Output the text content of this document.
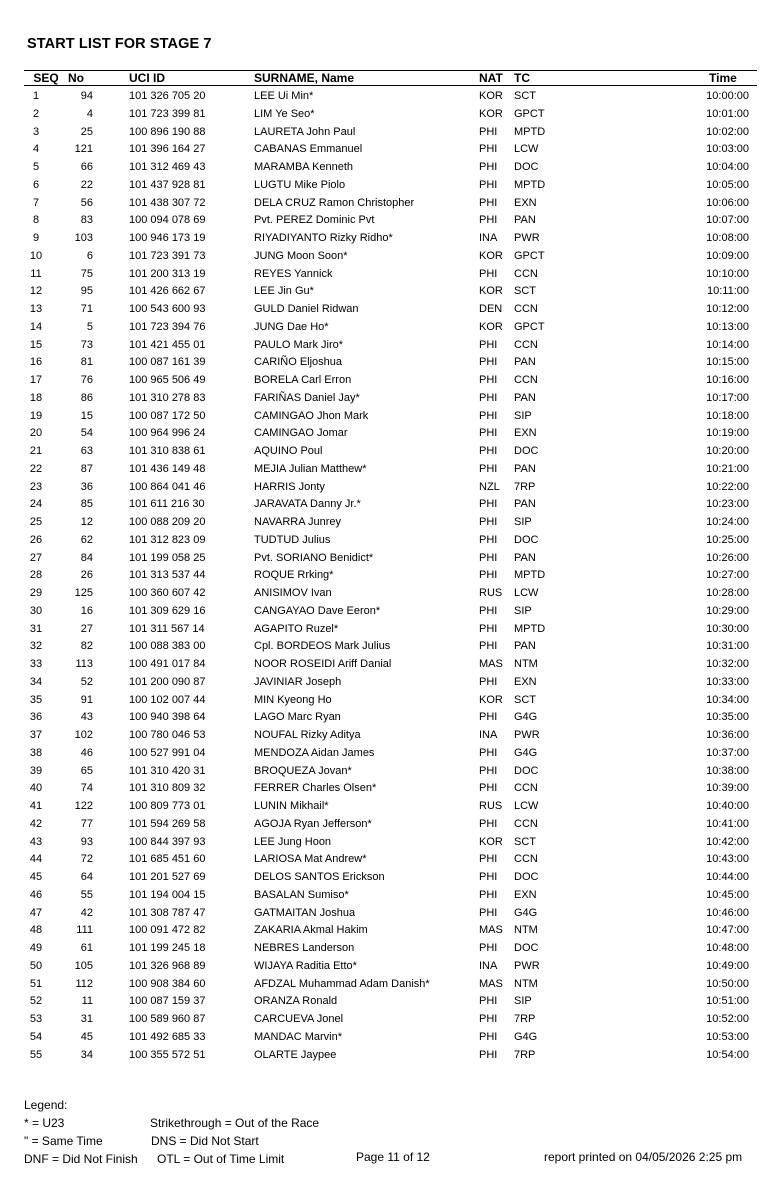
START LIST FOR STAGE 7
SEQ No	UCI ID	SURNAME, Name	NAT TC	Time
1	94	101 326 705 20	LEE Ui Min*	KOR SCT	10:00:00
2	4	101 723 399 81	LIM Ye Seo*	KOR GPCT	10:01:00
3	25	100 896 190 88	LAURETA John Paul	PHI MPTD	10:02:00
4	121	101 396 164 27	CABANAS Emmanuel	PHI LCW	10:03:00
5	66	101 312 469 43	MARAMBA Kenneth	PHI DOC	10:04:00
6	22	101 437 928 81	LUGTU Mike Piolo	PHI MPTD	10:05:00
7	56	101 438 307 72	DELA CRUZ Ramon Christopher	PHI EXN	10:06:00
8	83	100 094 078 69	Pvt. PEREZ Dominic Pvt	PHI PAN	10:07:00
9	103	100 946 173 19	RIYADIYANTO Rizky Ridho*	INA PWR	10:08:00
10	6	101 723 391 73	JUNG Moon Soon*	KOR GPCT	10:09:00
11	75	101 200 313 19	REYES Yannick	PHI CCN	10:10:00
12	95	101 426 662 67	LEE Jin Gu*	KOR SCT	10:11:00
13	71	100 543 600 93	GULD Daniel Ridwan	DEN CCN	10:12:00
14	5	101 723 394 76	JUNG Dae Ho*	KOR GPCT	10:13:00
15	73	101 421 455 01	PAULO Mark Jiro*	PHI CCN	10:14:00
16	81	100 087 161 39	CARIÑO Eljoshua	PHI PAN	10:15:00
17	76	100 965 506 49	BORELA Carl Erron	PHI CCN	10:16:00
18	86	101 310 278 83	FARIÑAS Daniel Jay*	PHI PAN	10:17:00
19	15	100 087 172 50	CAMINGAO Jhon Mark	PHI SIP	10:18:00
20	54	100 964 996 24	CAMINGAO Jomar	PHI EXN	10:19:00
21	63	101 310 838 61	AQUINO Poul	PHI DOC	10:20:00
22	87	101 436 149 48	MEJIA Julian Matthew*	PHI PAN	10:21:00
23	36	100 864 041 46	HARRIS Jonty	NZL 7RP	10:22:00
24	85	101 611 216 30	JARAVATA Danny Jr.*	PHI PAN	10:23:00
25	12	100 088 209 20	NAVARRA Junrey	PHI SIP	10:24:00
26	62	101 312 823 09	TUDTUD Julius	PHI DOC	10:25:00
27	84	101 199 058 25	Pvt. SORIANO Benidict*	PHI PAN	10:26:00
28	26	101 313 537 44	ROQUE Rrking*	PHI MPTD	10:27:00
29	125	100 360 607 42	ANISIMOV Ivan	RUS LCW	10:28:00
30	16	101 309 629 16	CANGAYAO Dave Eeron*	PHI SIP	10:29:00
31	27	101 311 567 14	AGAPITO Ruzel*	PHI MPTD	10:30:00
32	82	100 088 383 00	Cpl. BORDEOS Mark Julius	PHI PAN	10:31:00
33	113	100 491 017 84	NOOR ROSEIDI Ariff Danial	MAS NTM	10:32:00
34	52	101 200 090 87	JAVINIAR Joseph	PHI EXN	10:33:00
35	91	100 102 007 44	MIN Kyeong Ho	KOR SCT	10:34:00
36	43	100 940 398 64	LAGO Marc Ryan	PHI G4G	10:35:00
37	102	100 780 046 53	NOUFAL Rizky Aditya	INA PWR	10:36:00
38	46	100 527 991 04	MENDOZA Aidan James	PHI G4G	10:37:00
39	65	101 310 420 31	BROQUEZA Jovan*	PHI DOC	10:38:00
40	74	101 310 809 32	FERRER Charles Olsen*	PHI CCN	10:39:00
41	122	100 809 773 01	LUNIN Mikhail*	RUS LCW	10:40:00
42	77	101 594 269 58	AGOJA Ryan Jefferson*	PHI CCN	10:41:00
43	93	100 844 397 93	LEE Jung Hoon	KOR SCT	10:42:00
44	72	101 685 451 60	LARIOSA Mat Andrew*	PHI CCN	10:43:00
45	64	101 201 527 69	DELOS SANTOS Erickson	PHI DOC	10:44:00
46	55	101 194 004 15	BASALAN Sumiso*	PHI EXN	10:45:00
47	42	101 308 787 47	GATMAITAN Joshua	PHI G4G	10:46:00
48	111	100 091 472 82	ZAKARIA Akmal Hakim	MAS NTM	10:47:00
49	61	101 199 245 18	NEBRES Landerson	PHI DOC	10:48:00
50	105	101 326 968 89	WIJAYA Raditia Etto*	INA PWR	10:49:00
51	112	100 908 384 60	AFDZAL Muhammad Adam Danish*	MAS NTM	10:50:00
52	11	100 087 159 37	ORANZA Ronald	PHI SIP	10:51:00
53	31	100 589 960 87	CARCUEVA Jonel	PHI 7RP	10:52:00
54	45	101 492 685 33	MANDAC Marvin*	PHI G4G	10:53:00
55	34	100 355 572 51	OLARTE Jaypee	PHI 7RP	10:54:00
Legend:
* = U23	Strikethrough = Out of the Race
" = Same Time	DNS = Did Not Start
DNF = Did Not Finish OTL = Out of Time Limit	Page 11 of 12	report printed on 04/05/2026 2:25 pm
